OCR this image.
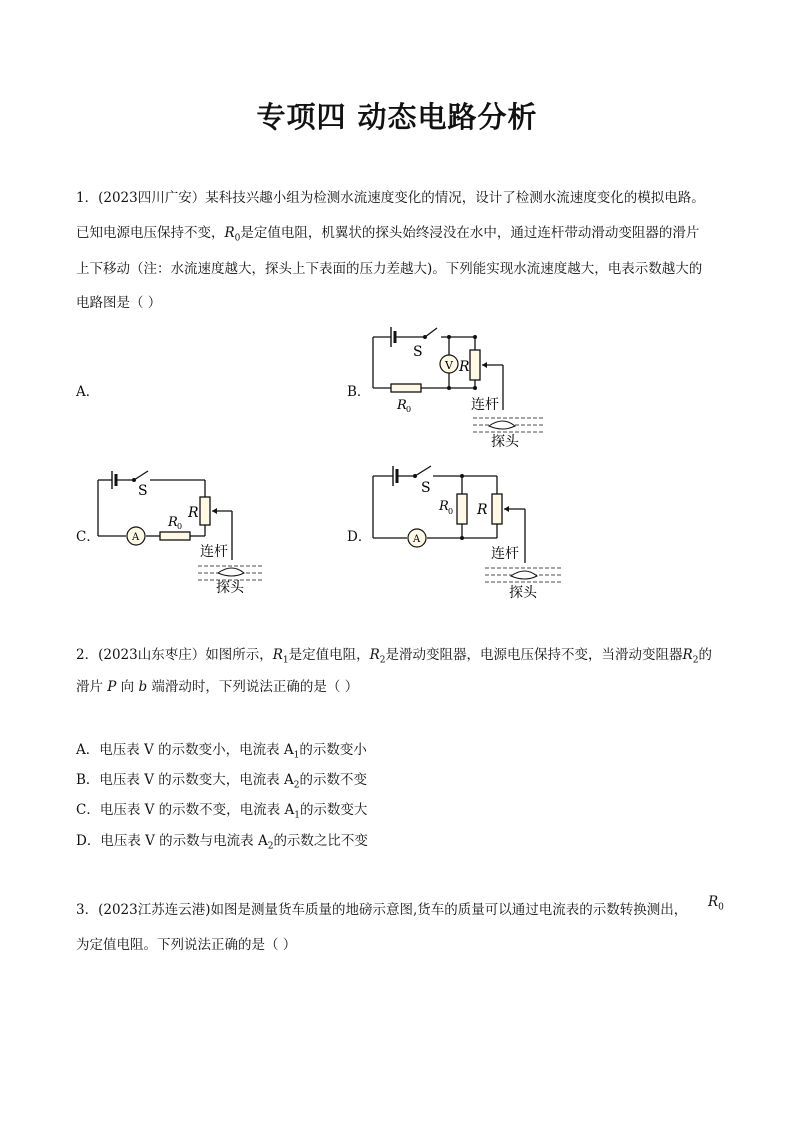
专项四 动态电路分析
1．(2023四川广安）某科技兴趣小组为检测水流速度变化的情况，设计了检测水流速度变化的模拟电路。
已知电源电压保持不变，$R_0$是定值电阻，机翼状的探头始终浸没在水中，通过连杆带动滑动变阻器的滑片
上下移动（注：水流速度越大，探头上下表面的压力差越大)。下列能实现水流速度越大，电表示数越大的
电路图是（ ）
A．	B．
C．	D．
V
S
R
R 0	连杆
探头
A
S
R
R 0
连杆
探头
A
S
R 0 R
连杆
探头
2．(2023山东枣庄）如图所示，$R_1$是定值电阻，$R_2$是滑动变阻器，电源电压保持不变，当滑动变阻器$R_2$的
滑片 P 向 b 端滑动时，下列说法正确的是（ ）
A．电压表 V 的示数变小，电流表 $A_1$的示数变小
B．电压表 V 的示数变大，电流表 $A_2$的示数不变
C．电压表 V 的示数不变，电流表 $A_1$的示数变大
D．电压表 V 的示数与电流表 $A_2$的示数之比不变
3．(2023江苏连云港)如图是测量货车质量的地磅示意图,货车的质量可以通过电流表的示数转换测出， $R_0$
为定值电阻。下列说法正确的是（ ）
